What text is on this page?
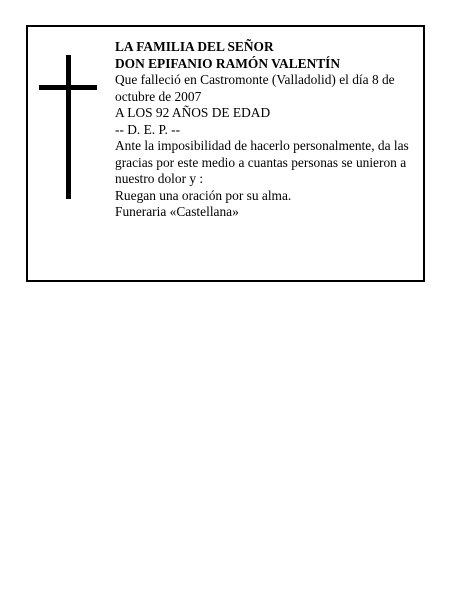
LA FAMILIA DEL SEÑOR
DON EPIFANIO RAMÓN VALENTÍN
Que falleció en Castromonte (Valladolid) el día 8 de octubre de 2007
A LOS 92 AÑOS DE EDAD
-- D. E. P. --
Ante la imposibilidad de hacerlo personalmente, da las gracias por este medio a cuantas personas se unieron a nuestro dolor y :
Ruegan una oración por su alma.
Funeraria «Castellana»
